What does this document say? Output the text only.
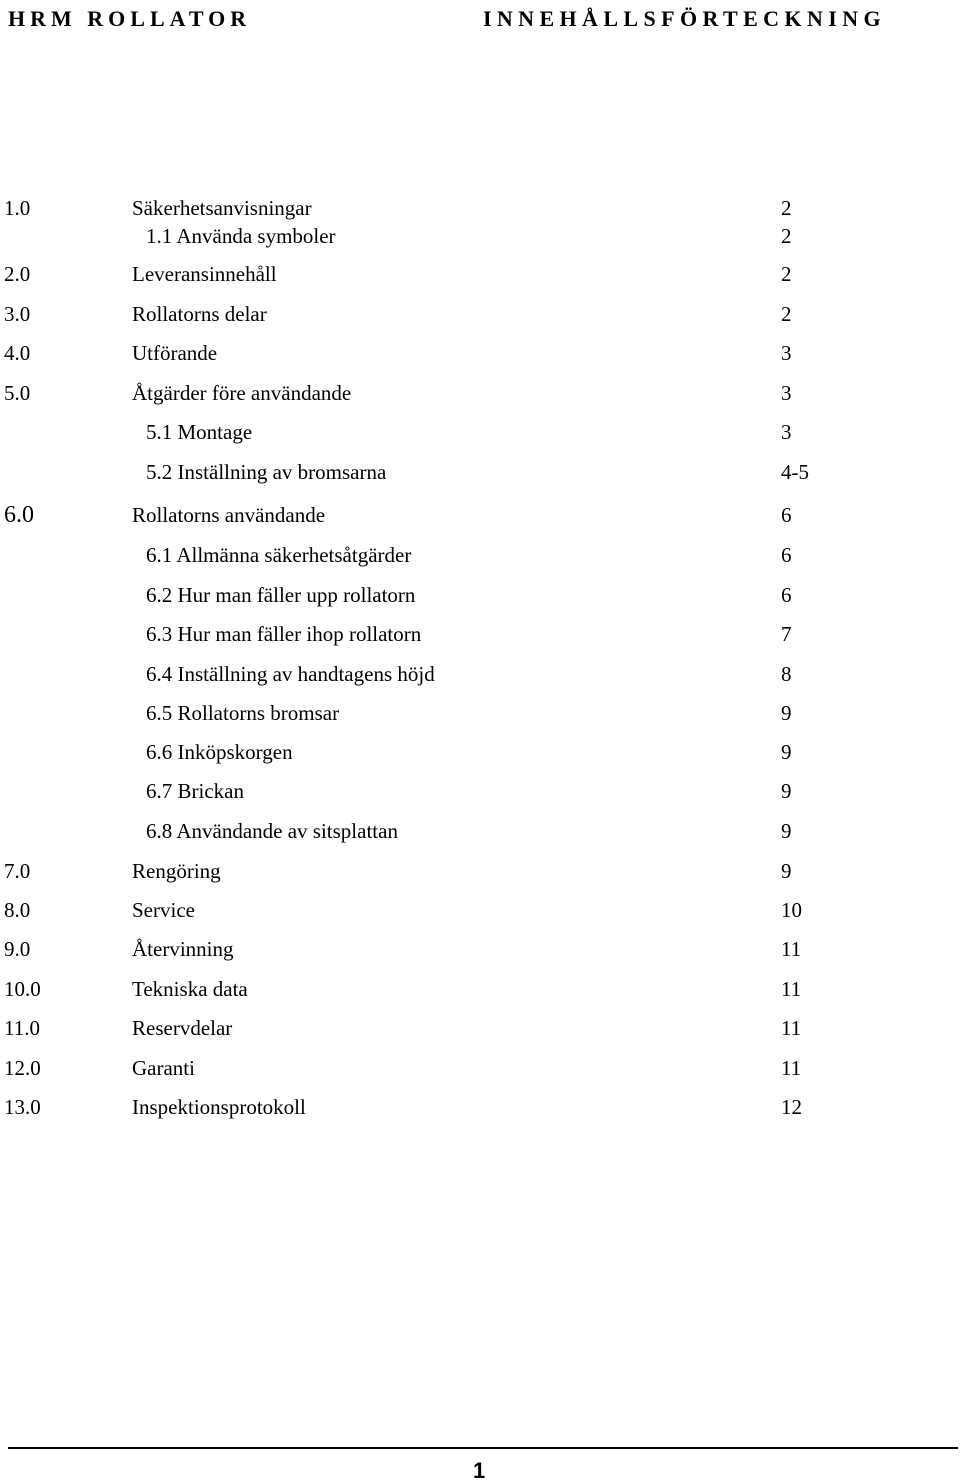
HRM ROLLATOR	INNEHÅLLSFÖRTECKNING
1.0	Säkerhetsanvisningar	2
1.1 Använda symboler	2
2.0	Leveransinnehåll	2
3.0	Rollatorns delar	2
4.0	Utförande	3
5.0	Åtgärder före användande	3
5.1 Montage	3
5.2 Inställning av bromsarna	4-5
6.0	Rollatorns användande	6
6.1 Allmänna säkerhetsåtgärder	6
6.2 Hur man fäller upp rollatorn	6
6.3 Hur man fäller ihop rollatorn	7
6.4 Inställning av handtagens höjd	8
6.5 Rollatorns bromsar	9
6.6 Inköpskorgen	9
6.7 Brickan	9
6.8 Användande av sitsplattan	9
7.0	Rengöring	9
8.0	Service	10
9.0	Återvinning	11
10.0	Tekniska data	11
11.0	Reservdelar	11
12.0	Garanti	11
13.0	Inspektionsprotokoll	12
1
